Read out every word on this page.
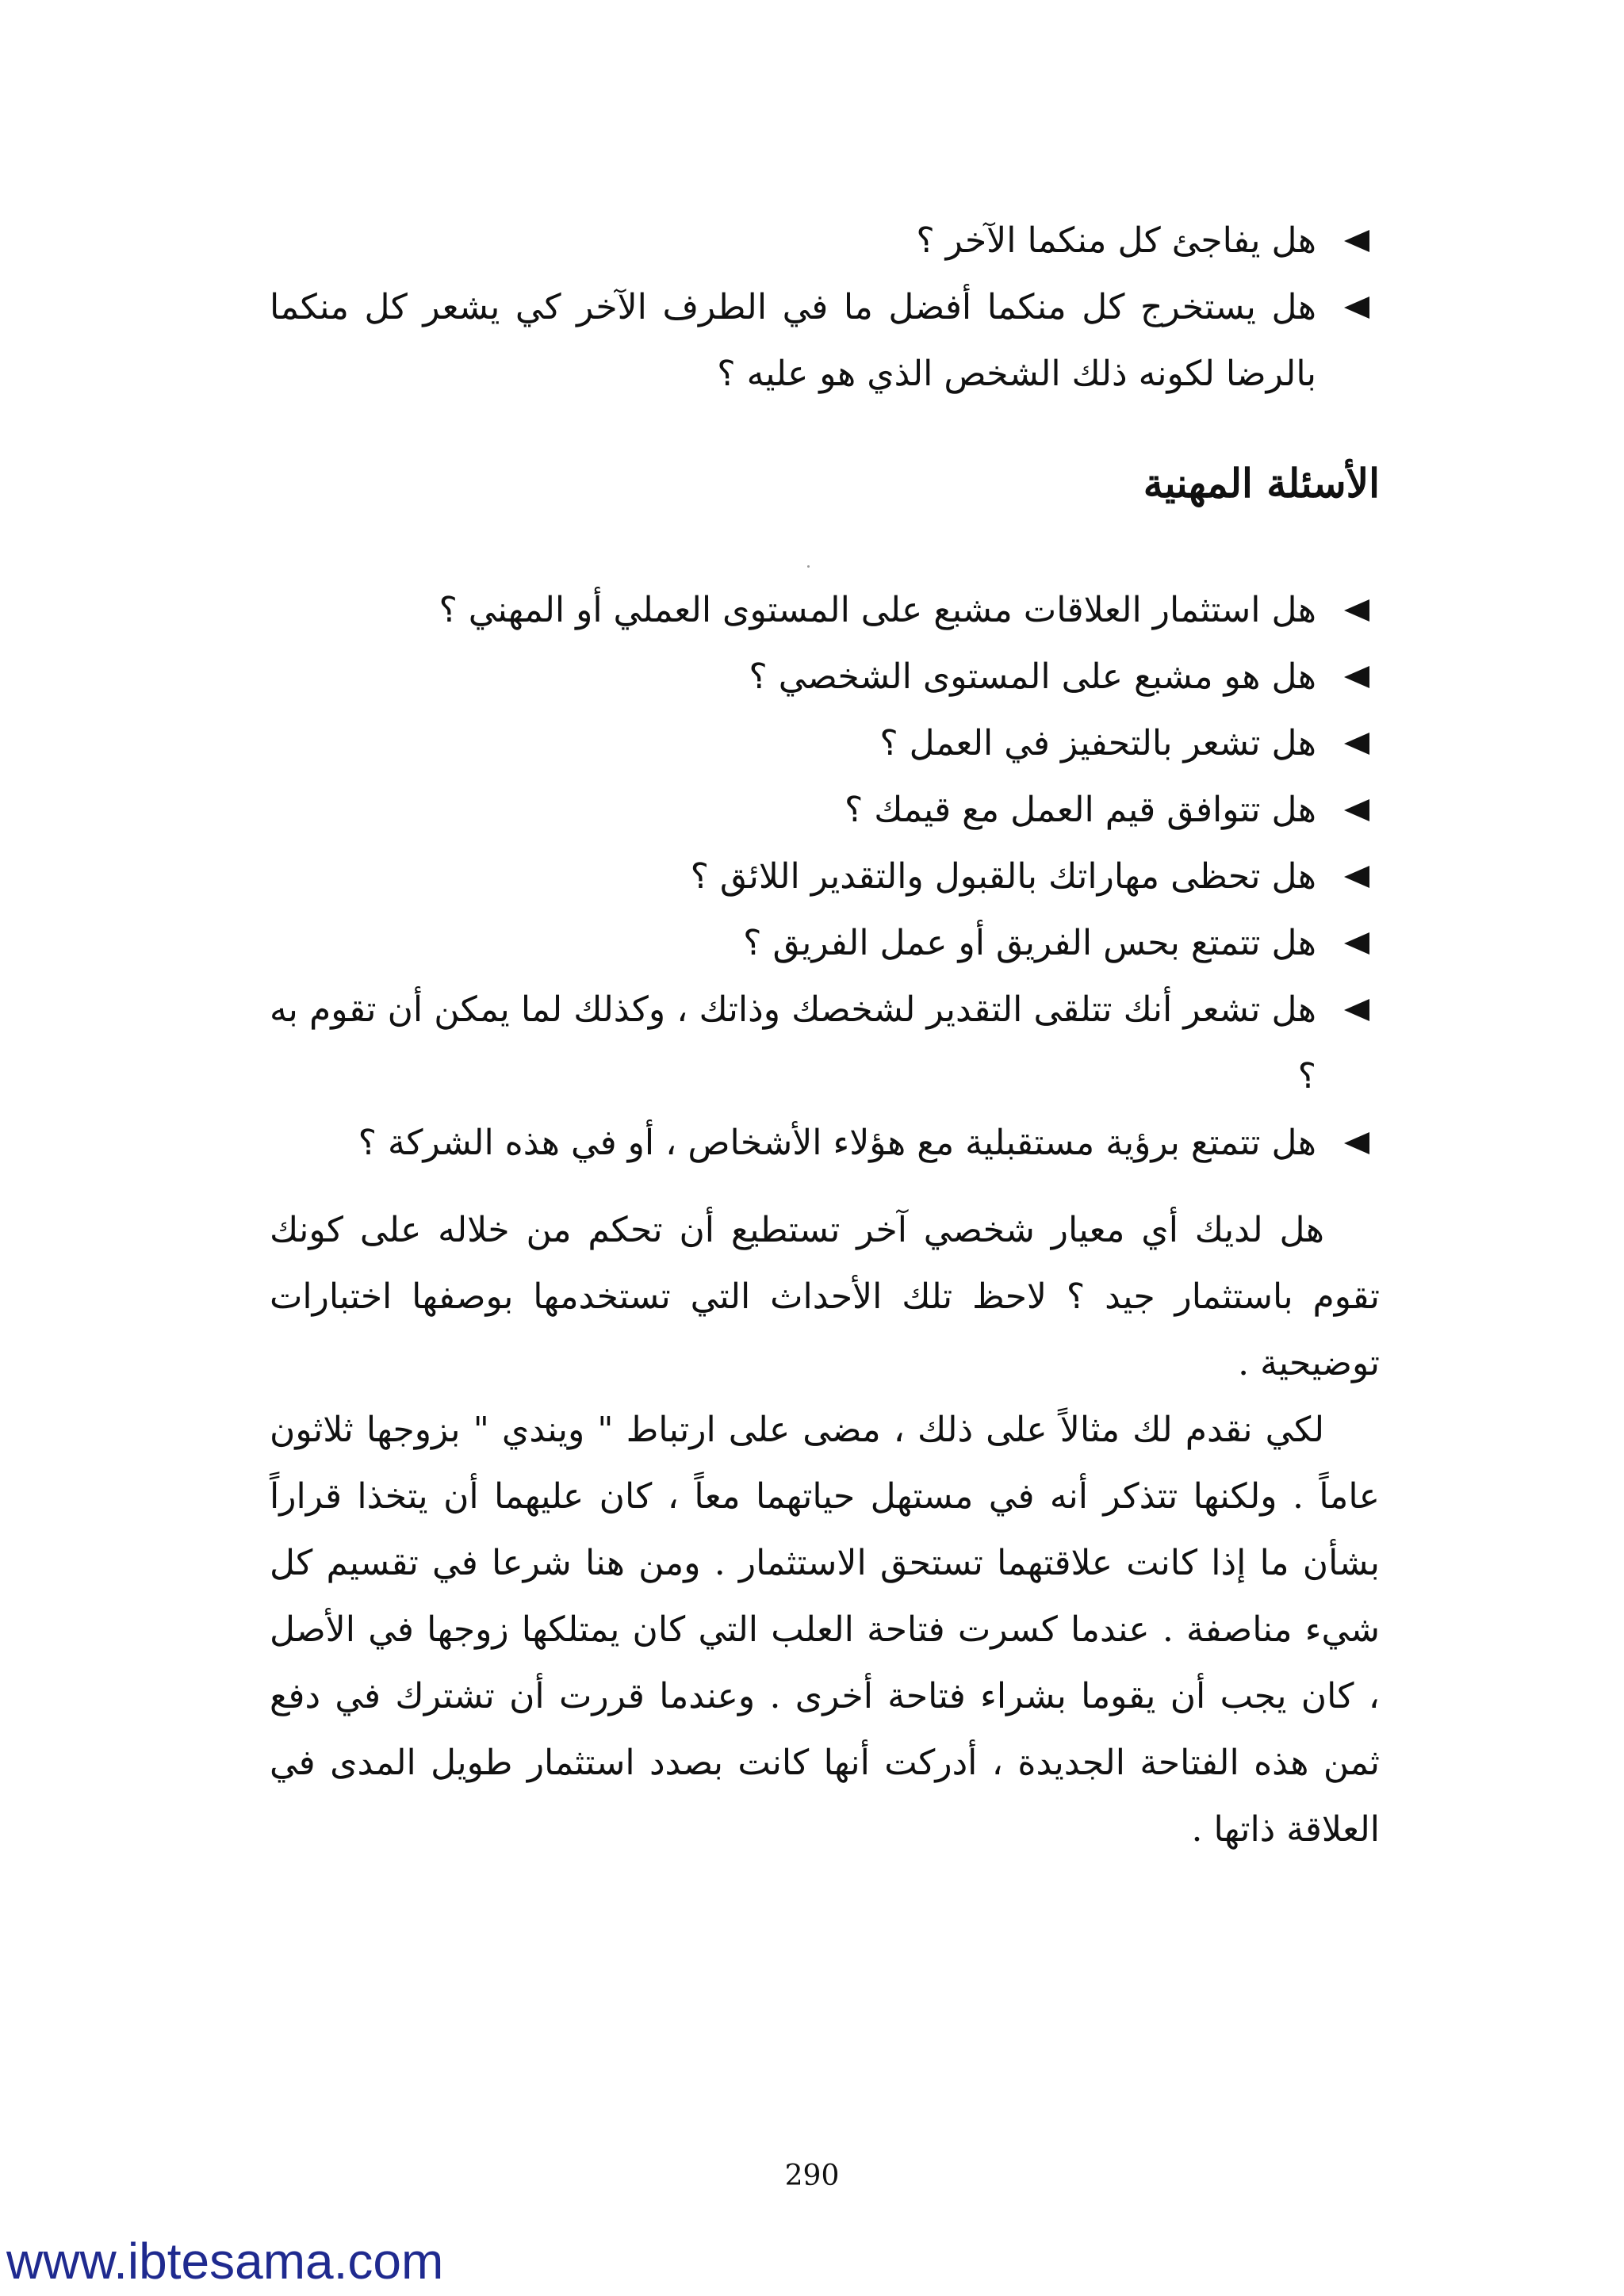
هل يفاجئ كل منكما الآخر ؟
هل يستخرج كل منكما أفضل ما في الطرف الآخر كي يشعر كل منكما بالرضا لكونه ذلك الشخص الذي هو عليه ؟
الأسئلة المهنية
هل استثمار العلاقات مشبع على المستوى العملي أو المهني ؟
هل هو مشبع على المستوى الشخصي ؟
هل تشعر بالتحفيز في العمل ؟
هل تتوافق قيم العمل مع قيمك ؟
هل تحظى مهاراتك بالقبول والتقدير اللائق ؟
هل تتمتع بحس الفريق أو عمل الفريق ؟
هل تشعر أنك تتلقى التقدير لشخصك وذاتك ، وكذلك لما يمكن أن تقوم به ؟
هل تتمتع برؤية مستقبلية مع هؤلاء الأشخاص ، أو في هذه الشركة ؟

هل لديك أي معيار شخصي آخر تستطيع أن تحكم من خلاله على كونك تقوم باستثمار جيد ؟ لاحظ تلك الأحداث التي تستخدمها بوصفها اختبارات توضيحية .

لكي نقدم لك مثالاً على ذلك ، مضى على ارتباط " ويندي " بزوجها ثلاثون عاماً . ولكنها تتذكر أنه في مستهل حياتهما معاً ، كان عليهما أن يتخذا قراراً بشأن ما إذا كانت علاقتهما تستحق الاستثمار . ومن هنا شرعا في تقسيم كل شيء مناصفة . عندما كسرت فتاحة العلب التي كان يمتلكها زوجها في الأصل ، كان يجب أن يقوما بشراء فتاحة أخرى . وعندما قررت أن تشترك في دفع ثمن هذه الفتاحة الجديدة ، أدركت أنها كانت بصدد استثمار طويل المدى في العلاقة ذاتها .

290
www.ibtesama.com
